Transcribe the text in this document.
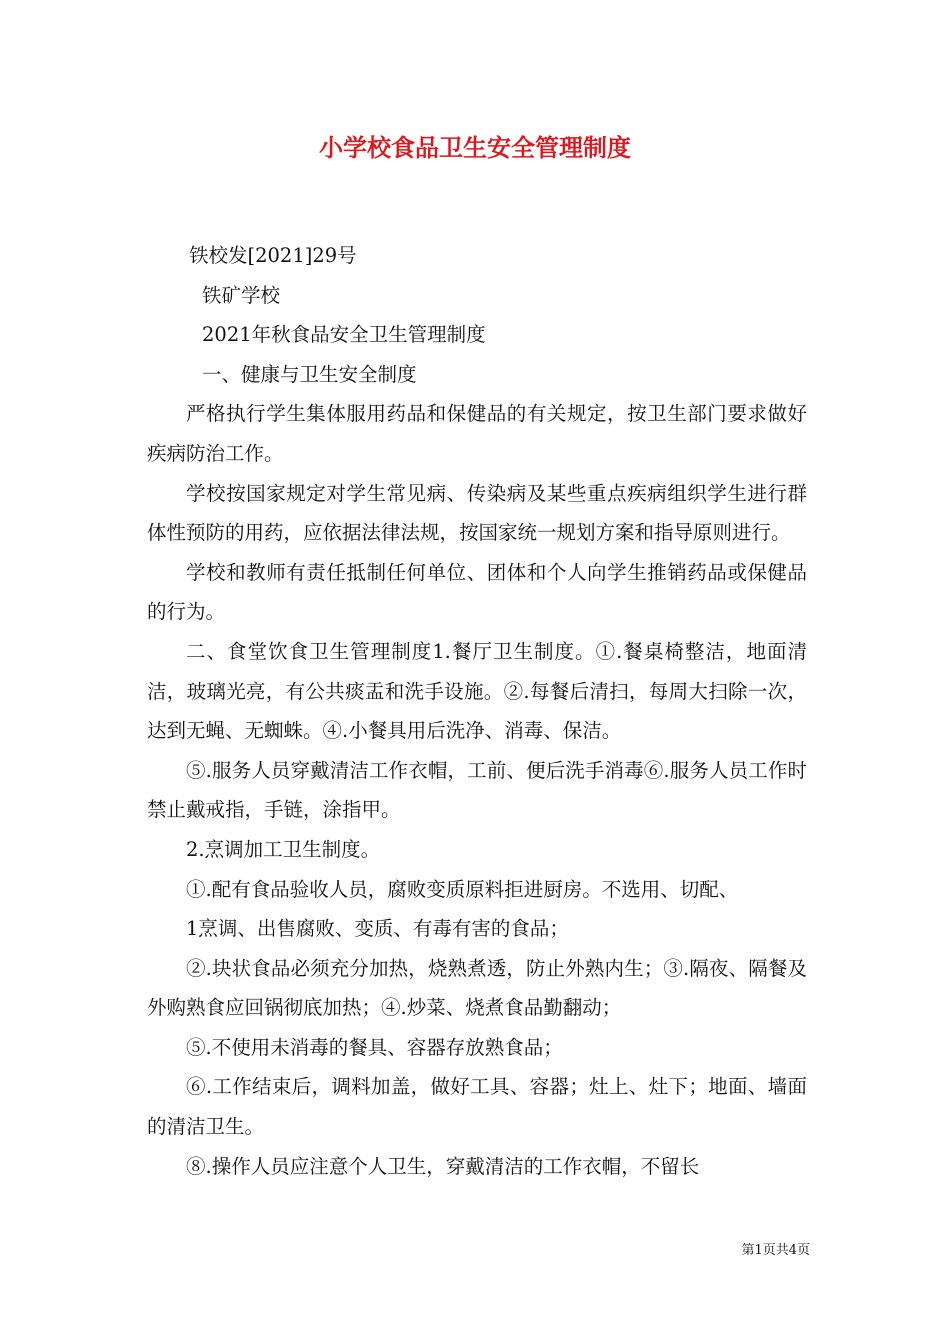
小学校食品卫生安全管理制度

铁校发[2021]29号

铁矿学校

2021年秋食品安全卫生管理制度

一、健康与卫生安全制度

严格执行学生集体服用药品和保健品的有关规定，按卫生部门要求做好疾病防治工作。

学校按国家规定对学生常见病、传染病及某些重点疾病组织学生进行群体性预防的用药，应依据法律法规，按国家统一规划方案和指导原则进行。

学校和教师有责任抵制任何单位、团体和个人向学生推销药品或保健品的行为。

二、食堂饮食卫生管理制度1.餐厅卫生制度。①.餐桌椅整洁，地面清洁，玻璃光亮，有公共痰盂和洗手设施。②.每餐后清扫，每周大扫除一次，达到无蝇、无蜘蛛。④.小餐具用后洗净、消毒、保洁。

⑤.服务人员穿戴清洁工作衣帽，工前、便后洗手消毒⑥.服务人员工作时禁止戴戒指，手链，涂指甲。

2.烹调加工卫生制度。

①.配有食品验收人员，腐败变质原料拒进厨房。不选用、切配、

1烹调、出售腐败、变质、有毒有害的食品；

②.块状食品必须充分加热，烧熟煮透，防止外熟内生；③.隔夜、隔餐及外购熟食应回锅彻底加热；④.炒菜、烧煮食品勤翻动；

⑤.不使用未消毒的餐具、容器存放熟食品；

⑥.工作结束后，调料加盖，做好工具、容器；灶上、灶下；地面、墙面的清洁卫生。

⑧.操作人员应注意个人卫生，穿戴清洁的工作衣帽，不留长

第1页共4页
